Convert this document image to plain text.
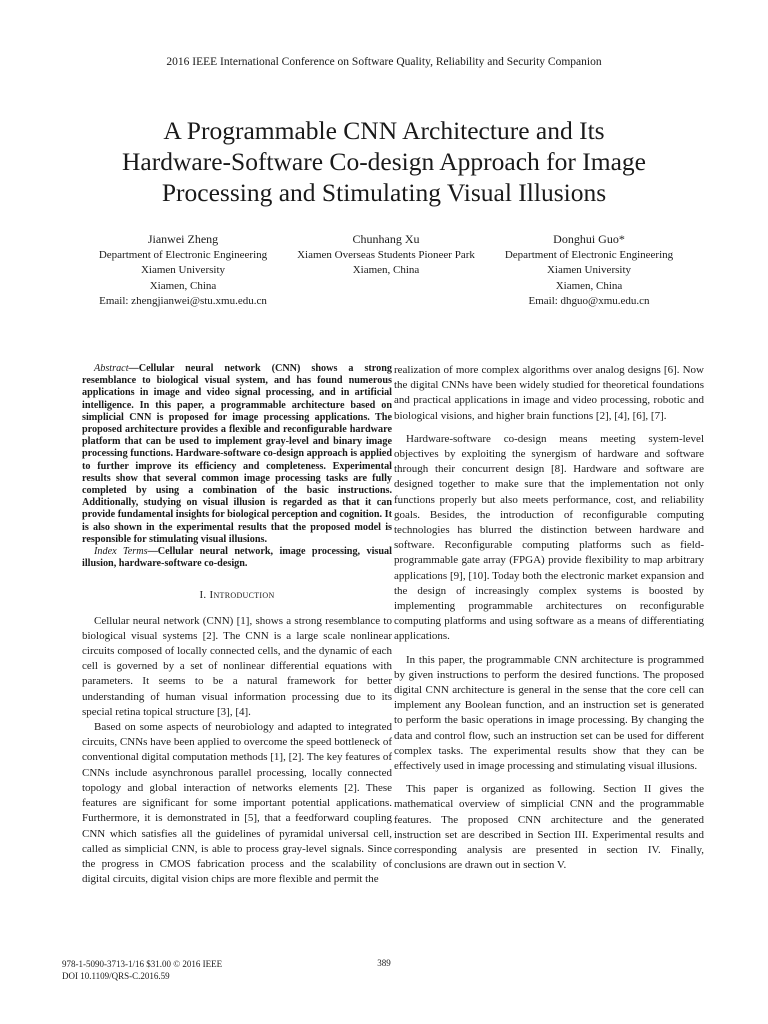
2016 IEEE International Conference on Software Quality, Reliability and Security Companion
A Programmable CNN Architecture and Its
Hardware-Software Co-design Approach for Image
Processing and Stimulating Visual Illusions
Jianwei Zheng
Department of Electronic Engineering
Xiamen University
Xiamen, China
Email: zhengjianwei@stu.xmu.edu.cn
Chunhang Xu
Xiamen Overseas Students Pioneer Park
Xiamen, China
Donghui Guo*
Department of Electronic Engineering
Xiamen University
Xiamen, China
Email: dhguo@xmu.edu.cn

Abstract—Cellular neural network (CNN) shows a strong resemblance to biological visual system, and has found numerous applications in image and video signal processing, and in artificial intelligence. In this paper, a programmable architecture based on simplicial CNN is proposed for image processing applications. The proposed architecture provides a flexible and reconfigurable hardware platform that can be used to implement gray-level and binary image processing functions. Hardware-software co-design approach is applied to further improve its efficiency and completeness. Experimental results show that several common image processing tasks are fully completed by using a combination of the basic instructions. Additionally, studying on visual illusion is regarded as that it can provide fundamental insights for biological perception and cognition. It is also shown in the experimental results that the proposed model is responsible for stimulating visual illusions.

Index Terms—Cellular neural network, image processing, visual illusion, hardware-software co-design.

I. Introduction

Cellular neural network (CNN) [1], shows a strong resemblance to biological visual systems [2]. The CNN is a large scale nonlinear circuits composed of locally connected cells, and the dynamic of each cell is governed by a set of nonlinear differential equations with parameters. It seems to be a natural framework for better understanding of human visual information processing due to its special retina topical structure [3], [4].

Based on some aspects of neurobiology and adapted to integrated circuits, CNNs have been applied to overcome the speed bottleneck of conventional digital computation methods [1], [2]. The key features of CNNs include asynchronous parallel processing, locally connected topology and global interaction of networks elements [2]. These features are significant for some important potential applications. Furthermore, it is demonstrated in [5], that a feedforward coupling CNN which satisfies all the guidelines of pyramidal universal cell, called as simplicial CNN, is able to process gray-level signals. Since the progress in CMOS fabrication process and the scalability of digital circuits, digital vision chips are more flexible and permit the

realization of more complex algorithms over analog designs [6]. Now the digital CNNs have been widely studied for theoretical foundations and practical applications in image and video processing, robotic and biological visions, and higher brain functions [2], [4], [6], [7].

Hardware-software co-design means meeting system-level objectives by exploiting the synergism of hardware and software through their concurrent design [8]. Hardware and software are designed together to make sure that the implementation not only functions properly but also meets performance, cost, and reliability goals. Besides, the introduction of reconfigurable computing technologies has blurred the distinction between hardware and software. Reconfigurable computing platforms such as field-programmable gate array (FPGA) provide flexibility to map arbitrary applications [9], [10]. Today both the electronic market expansion and the design of increasingly complex systems is boosted by implementing programmable architectures on reconfigurable computing platforms and using software as a means of differentiating applications.

In this paper, the programmable CNN architecture is programmed by given instructions to perform the desired functions. The proposed digital CNN architecture is general in the sense that the core cell can implement any Boolean function, and an instruction set is generated to perform the basic operations in image processing. By changing the data and control flow, such an instruction set can be used for different complex tasks. The experimental results show that they can be effectively used in image processing and stimulating visual illusions.

This paper is organized as following. Section II gives the mathematical overview of simplicial CNN and the programmable features. The proposed CNN architecture and the generated instruction set are described in Section III. Experimental results and corresponding analysis are presented in section IV. Finally, conclusions are drawn out in section V.

978-1-5090-3713-1/16 $31.00 © 2016 IEEE
DOI 10.1109/QRS-C.2016.59
389
